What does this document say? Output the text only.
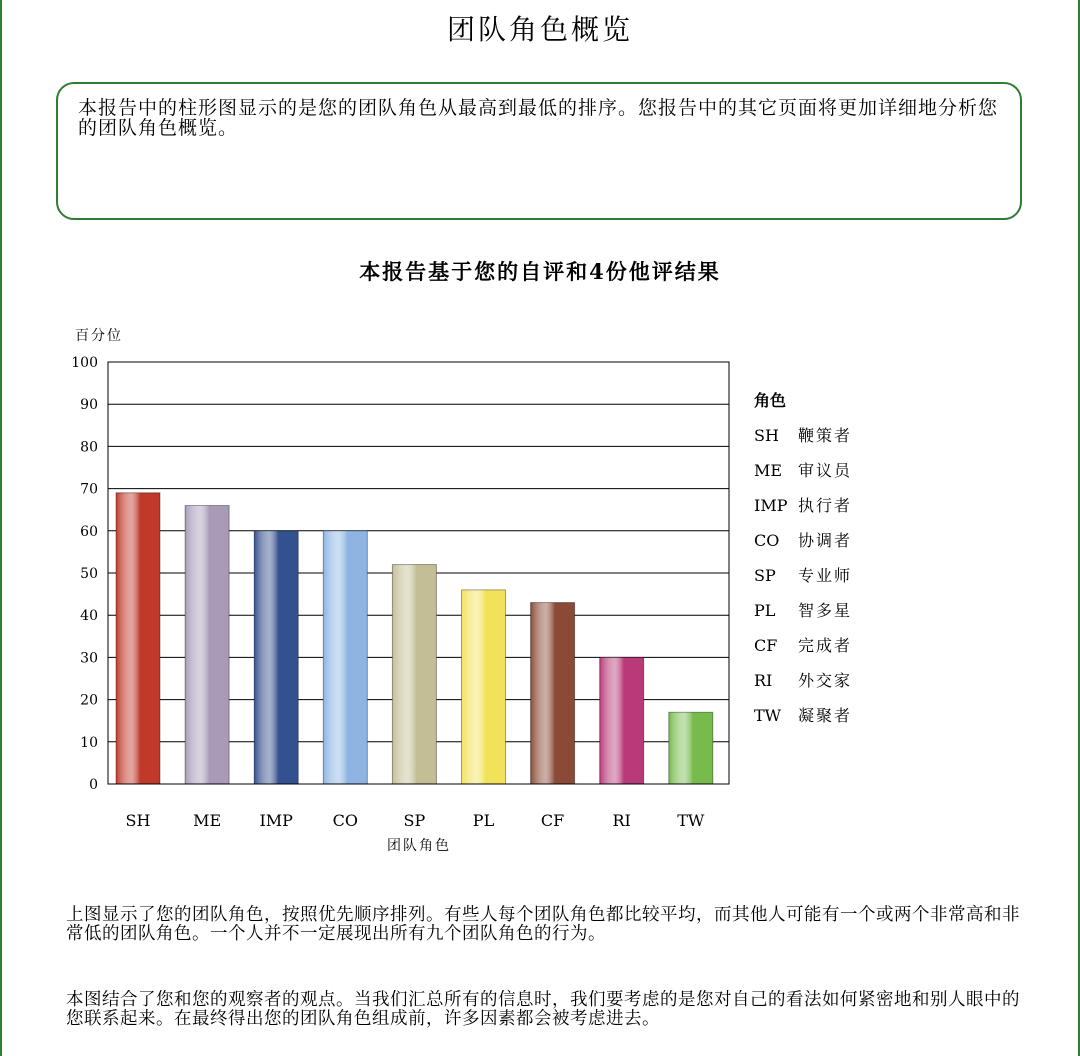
团队角色概览
本报告中的柱形图显示的是您的团队角色从最高到最低的排序。您报告中的其它页面将更加详细地分析您的团队角色概览。
本报告基于您的自评和4份他评结果
0
10
20
30
40
50
60
70
80
90
100
SH	ME IMP CO	SP	PL	CF	RI	TW
百分位
团队角色
角色
SH 鞭策者
ME 审议员
IMP 执行者
CO 协调者
SP 专业师
PL 智多星
CF 完成者
RI 外交家
TW 凝聚者
上图显示了您的团队角色，按照优先顺序排列。有些人每个团队角色都比较平均，而其他人可能有一个或两个非常高和非常低的团队角色。一个人并不一定展现出所有九个团队角色的行为。
本图结合了您和您的观察者的观点。当我们汇总所有的信息时，我们要考虑的是您对自己的看法如何紧密地和别人眼中的您联系起来。在最终得出您的团队角色组成前，许多因素都会被考虑进去。
